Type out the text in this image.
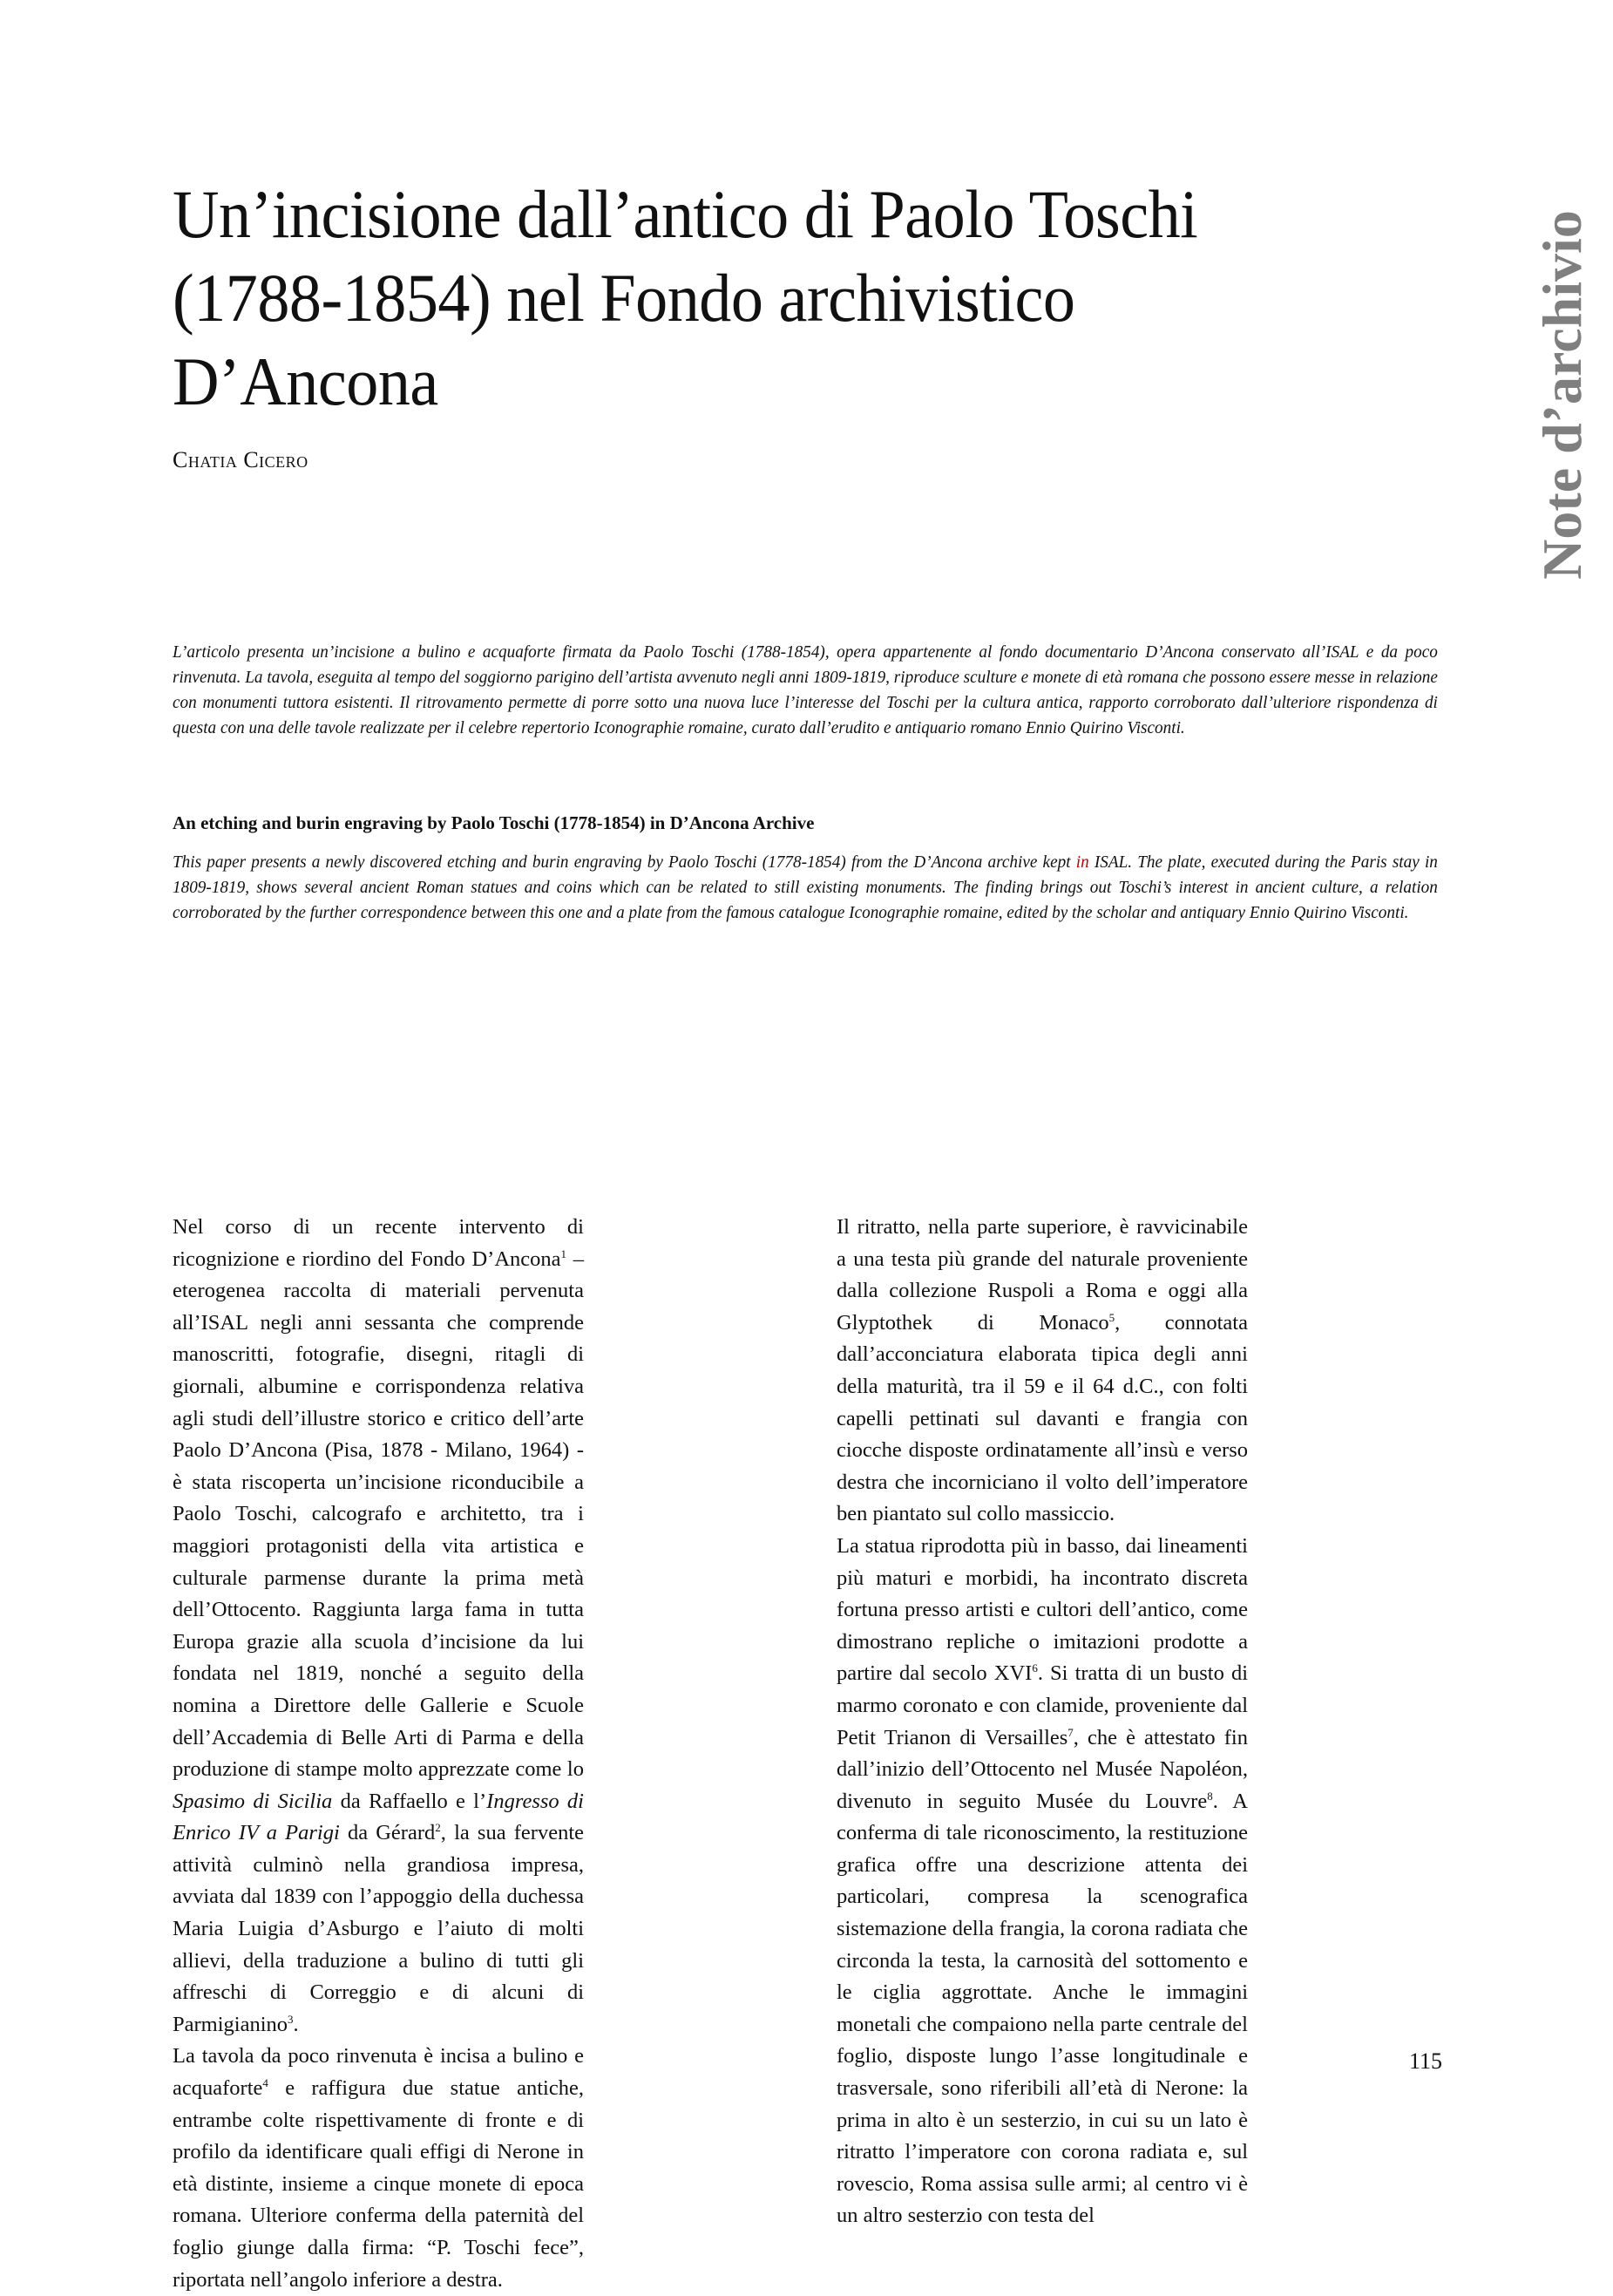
Un’incisione dall’antico di Paolo Toschi
(1788-1854) nel Fondo archivistico
D’Ancona
Chatia Cicero	Note d’archivio
L’articolo presenta un’incisione a bulino e acquaforte firmata da Paolo Toschi (1788-1854), opera appartenente al fondo documentario D’Ancona conservato all’ISAL e da poco rinvenuta. La tavola, eseguita al tempo del soggiorno parigino dell’artista avvenuto negli anni 1809-1819, riproduce sculture e monete di età romana che possono essere messe in relazione con monumenti tuttora esistenti. Il ritrovamento permette di porre sotto una nuova luce l’interesse del Toschi per la cultura antica, rapporto corroborato dall’ulteriore rispondenza di questa con una delle tavole realizzate per il celebre repertorio Iconographie romaine, curato dall’erudito e antiquario romano Ennio Quirino Visconti.
An etching and burin engraving by Paolo Toschi (1778-1854) in D’Ancona Archive
This paper presents a newly discovered etching and burin engraving by Paolo Toschi (1778-1854) from the D’Ancona archive kept in ISAL. The plate, executed during the Paris stay in 1809-1819, shows several ancient Roman statues and coins which can be related to still existing monuments. The finding brings out Toschi’s interest in ancient culture, a relation corroborated by the further correspondence between this one and a plate from the famous catalogue Iconographie romaine, edited by the scholar and antiquary Ennio Quirino Visconti.

Nel corso di un recente intervento di ricognizione e riordino del Fondo D’Ancona$^1$ – eterogenea raccolta di materiali pervenuta all’ISAL negli anni sessanta che comprende manoscritti, fotografie, disegni, ritagli di giornali, albumine e corrispondenza relativa agli studi dell’illustre storico e critico dell’arte Paolo D’Ancona (Pisa, 1878 - Milano, 1964) - è stata riscoperta un’incisione riconducibile a Paolo Toschi, calcografo e architetto, tra i maggiori protagonisti della vita artistica e culturale parmense durante la prima metà dell’Ottocento. Raggiunta larga fama in tutta Europa grazie alla scuola d’incisione da lui fondata nel 1819, nonché a seguito della nomina a Direttore delle Gallerie e Scuole dell’Accademia di Belle Arti di Parma e della produzione di stampe molto apprezzate come lo Spasimo di Sicilia da Raffaello e l’Ingresso di Enrico IV a Parigi da Gérard$^2$, la sua fervente attività culminò nella grandiosa impresa, avviata dal 1839 con l’appoggio della duchessa Maria Luigia d’Asburgo e l’aiuto di molti allievi, della traduzione a bulino di tutti gli affreschi di Correggio e di alcuni di Parmigianino$^3$.

La tavola da poco rinvenuta è incisa a bulino e acquaforte$^4$ e raffigura due statue antiche, entrambe colte rispettivamente di fronte e di profilo da identificare quali effigi di Nerone in età distinte, insieme a cinque monete di epoca romana. Ulteriore conferma della paternità del foglio giunge dalla firma: “P. Toschi fece”, riportata nell’angolo inferiore a destra.

Il ritratto, nella parte superiore, è ravvicinabile a una testa più grande del naturale proveniente dalla collezione Ruspoli a Roma e oggi alla Glyptothek di Monaco$^5$, connotata dall’acconciatura elaborata tipica degli anni della maturità, tra il 59 e il 64 d.C., con folti capelli pettinati sul davanti e frangia con ciocche disposte ordinatamente all’insù e verso destra che incorniciano il volto dell’imperatore ben piantato sul collo massiccio.

La statua riprodotta più in basso, dai lineamenti più maturi e morbidi, ha incontrato discreta fortuna presso artisti e cultori dell’antico, come dimostrano repliche o imitazioni prodotte a partire dal secolo XVI$^6$. Si tratta di un busto di marmo coronato e con clamide, proveniente dal Petit Trianon di Versailles$^7$, che è attestato fin dall’inizio dell’Ottocento nel Musée Napoléon, divenuto in seguito Musée du Louvre$^8$. A conferma di tale riconoscimento, la restituzione grafica offre una descrizione attenta dei particolari, compresa la scenografica sistemazione della frangia, la corona radiata che circonda la testa, la carnosità del sottomento e le ciglia aggrottate. Anche le immagini monetali che compaiono nella parte centrale del foglio, disposte lungo l’asse longitudinale e trasversale, sono riferibili all’età di Nerone: la prima in alto è un sesterzio, in cui su un lato è ritratto l’imperatore con corona radiata e, sul rovescio, Roma assisa sulle armi; al centro vi è un altro sesterzio con testa del

115
